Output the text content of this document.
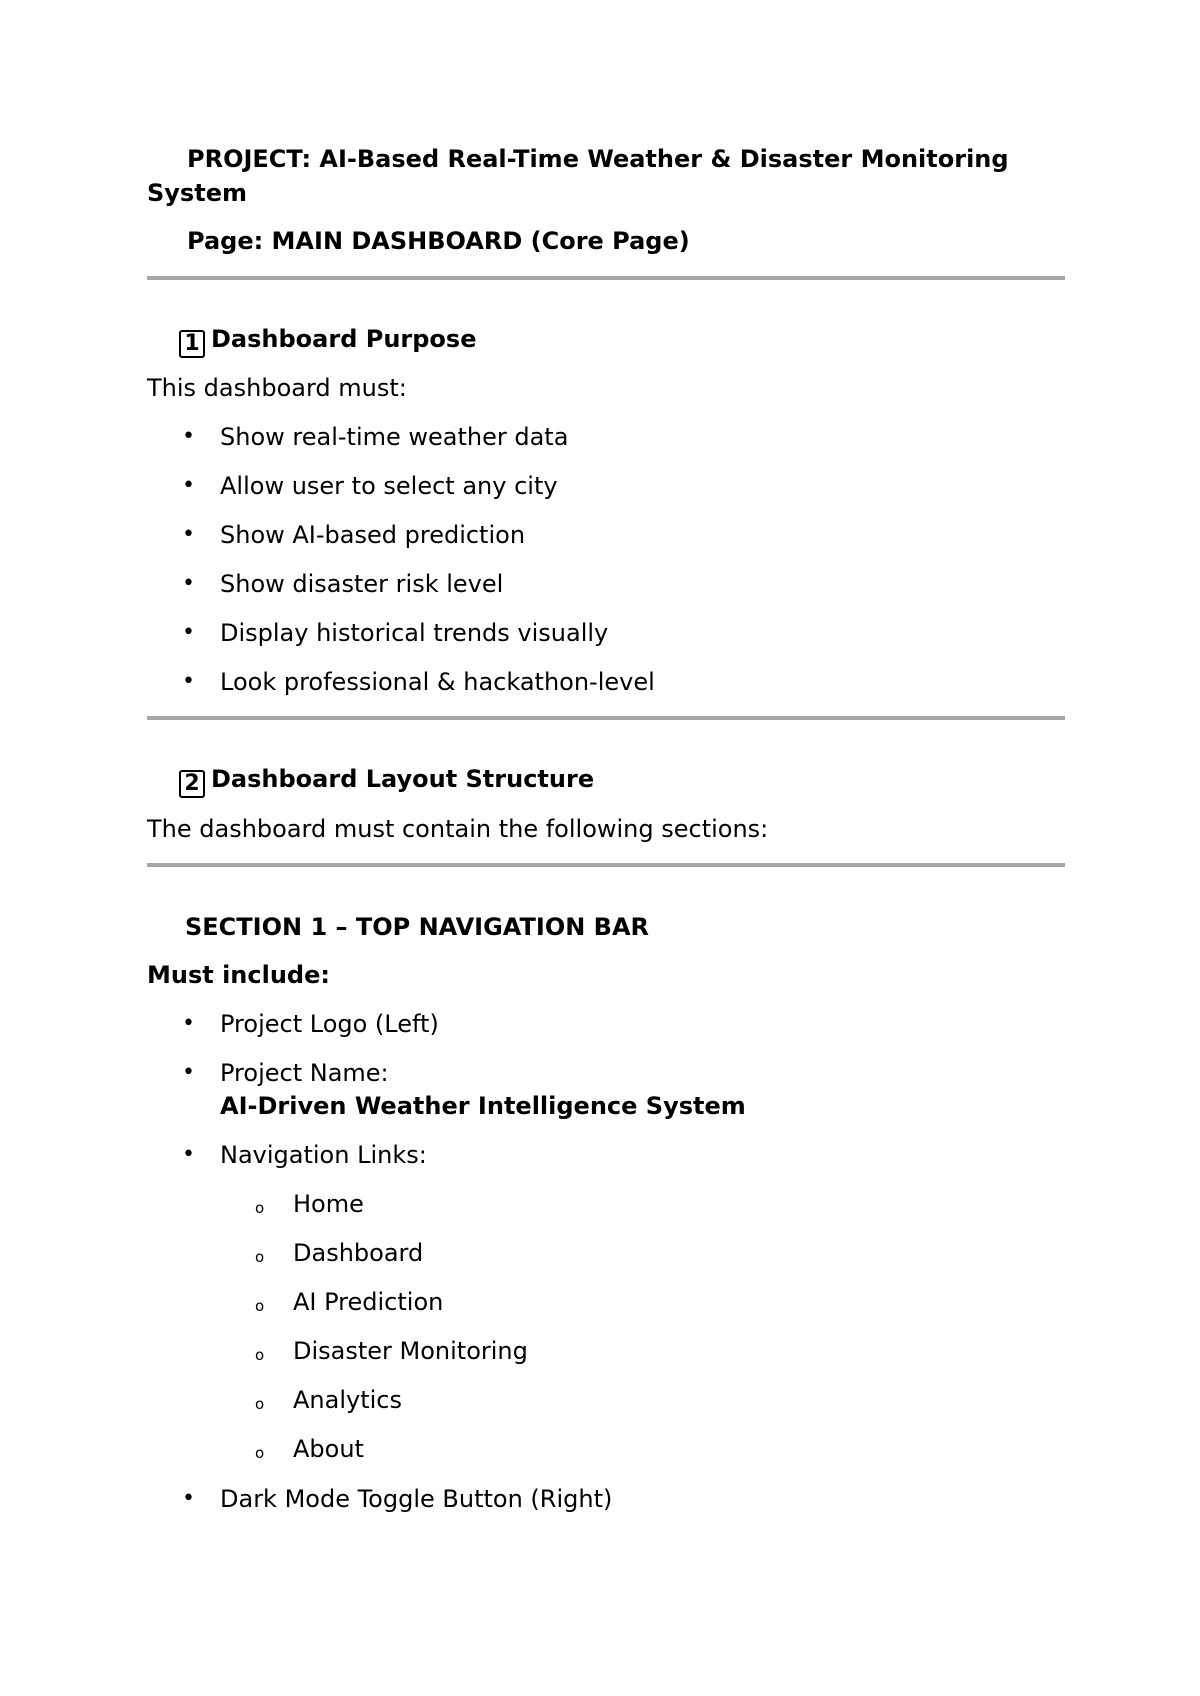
PROJECT: AI-Based Real-Time Weather & Disaster Monitoring

System

Page: MAIN DASHBOARD (Core Page)

1 Dashboard Purpose

This dashboard must:

• Show real-time weather data
• Allow user to select any city
• Show AI-based prediction
• Show disaster risk level
• Display historical trends visually
• Look professional & hackathon-level

2 Dashboard Layout Structure

The dashboard must contain the following sections:

SECTION 1 – TOP NAVIGATION BAR

Must include:

• Project Logo (Left)
• Project Name:

AI-Driven Weather Intelligence System

• Navigation Links:
o Home
o Dashboard
o AI Prediction
o Disaster Monitoring
o Analytics
o About
• Dark Mode Toggle Button (Right)
